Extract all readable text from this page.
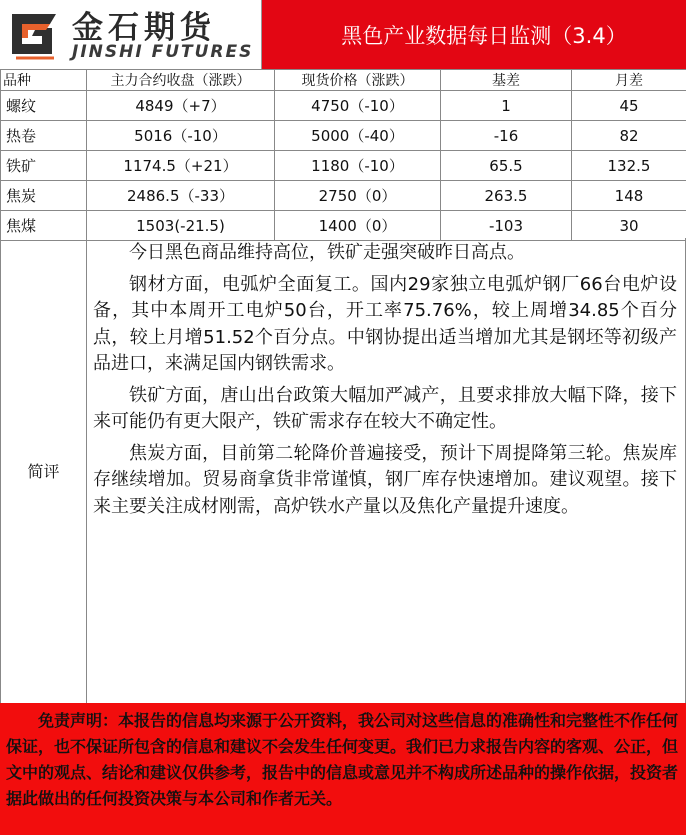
金石期货
JINSHI FUTURES
黑色产业数据每日监测（3.4）
品种	主力合约收盘（涨跌）	现货价格（涨跌）	基差	月差
螺纹	4849（+7）	4750（-10）	1	45
热卷	5016（-10）	5000（-40）	-16	82
铁矿	1174.5（+21）	1180（-10）	65.5	132.5
焦炭	2486.5（-33）	2750（0）	263.5	148
焦煤	1503(-21.5)	1400（0）	-103	30
简评

今日黑色商品维持高位，铁矿走强突破昨日高点。

钢材方面，电弧炉全面复工。国内29家独立电弧炉钢厂66台电炉设备，其中本周开工电炉50台，开工率75.76%，较上周增34.85个百分点，较上月增51.52个百分点。中钢协提出适当增加尤其是钢坯等初级产品进口，来满足国内钢铁需求。

铁矿方面，唐山出台政策大幅加严减产，且要求排放大幅下降，接下来可能仍有更大限产，铁矿需求存在较大不确定性。

焦炭方面，目前第二轮降价普遍接受，预计下周提降第三轮。焦炭库存继续增加。贸易商拿货非常谨慎，钢厂库存快速增加。建议观望。接下来主要关注成材刚需，高炉铁水产量以及焦化产量提升速度。

免责声明：本报告的信息均来源于公开资料，我公司对这些信息的准确性和完整性不作任何保证，也不保证所包含的信息和建议不会发生任何变更。我们已力求报告内容的客观、公正，但文中的观点、结论和建议仅供参考，报告中的信息或意见并不构成所述品种的操作依据，投资者据此做出的任何投资决策与本公司和作者无关。
